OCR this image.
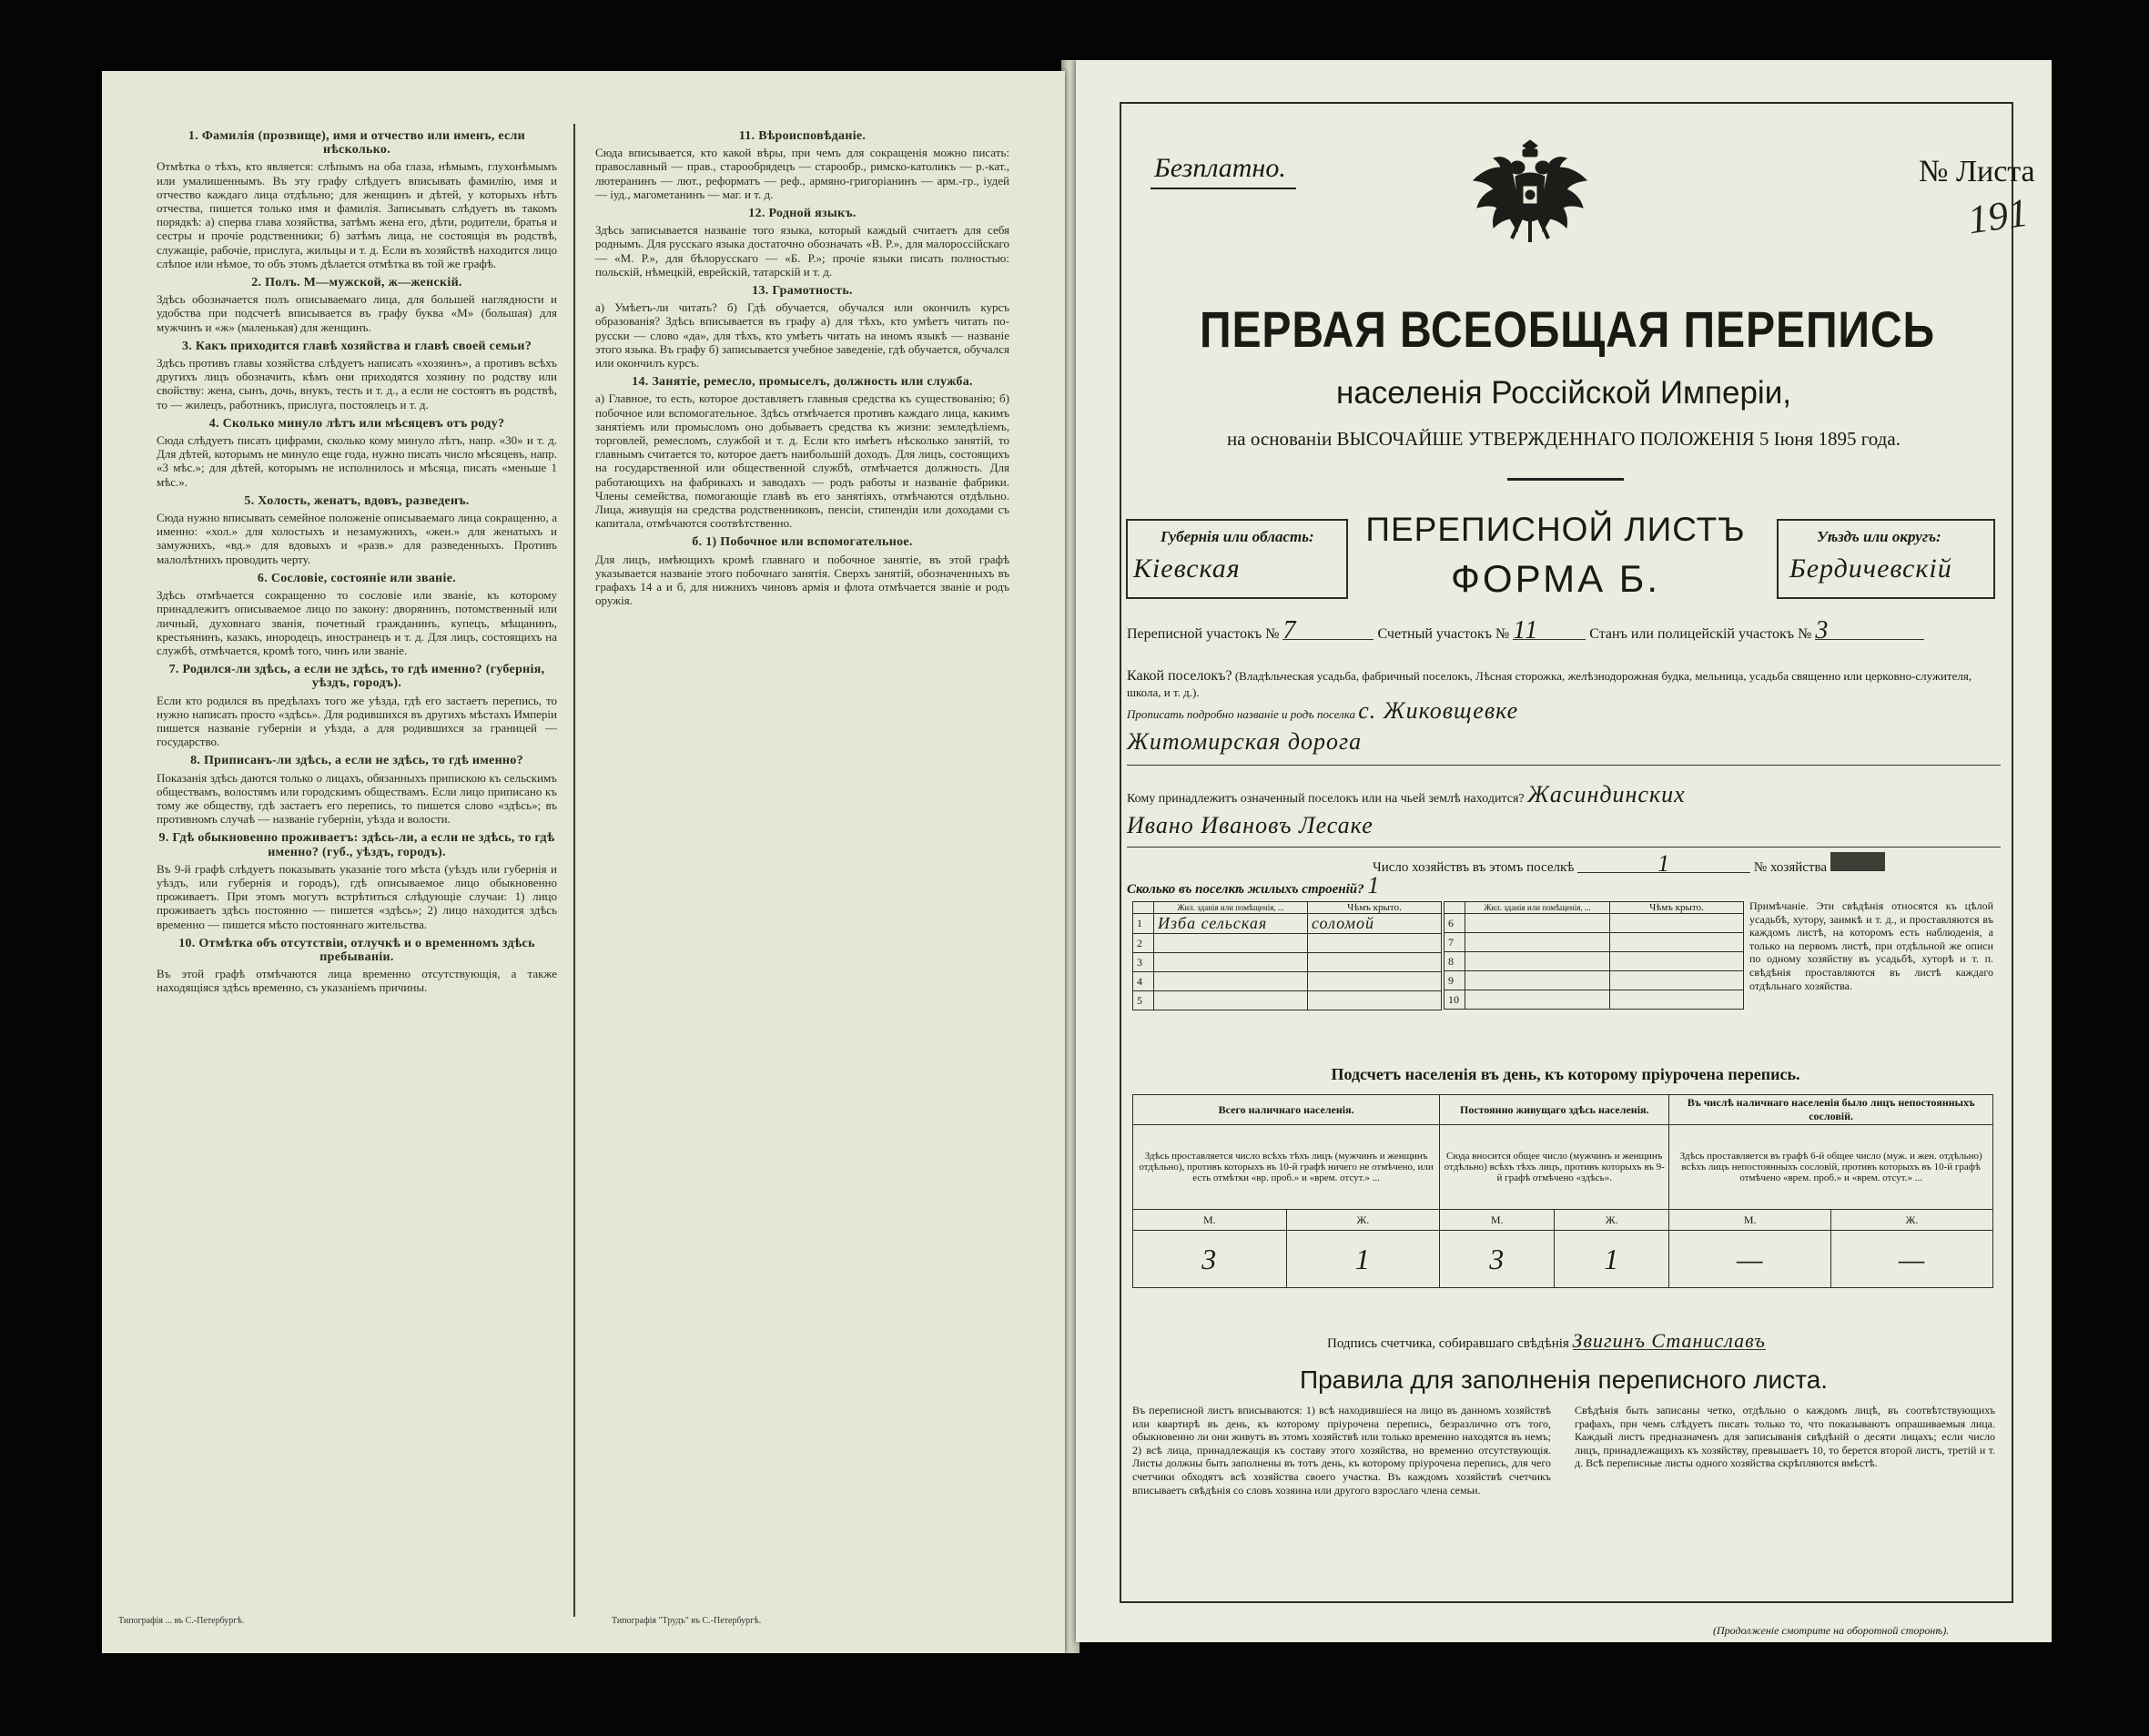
1. Фамилія (прозвище), имя и отчество или именъ, если нѣсколько.
Отмѣтка о тѣхъ, кто является: слѣпымъ на оба глаза, нѣмымъ, глухонѣмымъ или умалишеннымъ. Въ эту графу слѣдуетъ вписывать фамилію, имя и отчество каждаго лица отдѣльно; для женщинъ и дѣтей, у которыхъ нѣтъ отчества, пишется только имя и фамилія. Записывать слѣдуетъ въ такомъ порядкѣ: а) сперва глава хозяйства, затѣмъ жена его, дѣти, родители, братья и сестры и прочіе родственники; б) затѣмъ лица, не состоящія въ родствѣ, служащіе, рабочіе, прислуга, жильцы и т. д. Если въ хозяйствѣ находится лицо слѣпое или нѣмое, то объ этомъ дѣлается отмѣтка въ той же графѣ.
2. Полъ. М—мужской, ж—женскій.
Здѣсь обозначается полъ описываемаго лица, для большей наглядности и удобства при подсчетѣ вписывается въ графу буква «М» (большая) для мужчинъ и «ж» (маленькая) для женщинъ.
3. Какъ приходится главѣ хозяйства и главѣ своей семьи?
Здѣсь противъ главы хозяйства слѣдуетъ написать «хозяинъ», а противъ всѣхъ другихъ лицъ обозначить, кѣмъ они приходятся хозяину по родству или свойству: жена, сынъ, дочь, внукъ, тесть и т. д., а если не состоятъ въ родствѣ, то — жилецъ, работникъ, прислуга, постоялецъ и т. д.
4. Сколько минуло лѣтъ или мѣсяцевъ отъ роду?
Сюда слѣдуетъ писать цифрами, сколько кому минуло лѣтъ, напр. «30» и т. д. Для дѣтей, которымъ не минуло еще года, нужно писать число мѣсяцевъ, напр. «3 мѣс.»; для дѣтей, которымъ не исполнилось и мѣсяца, писать «меньше 1 мѣс.».
5. Холость, женатъ, вдовъ, разведенъ.
Сюда нужно вписывать семейное положеніе описываемаго лица сокращенно, а именно: «хол.» для холостыхъ и незамужнихъ, «жен.» для женатыхъ и замужнихъ, «вд.» для вдовыхъ и «разв.» для разведенныхъ. Противъ малолѣтнихъ проводить черту.
6. Сословіе, состояніе или званіе.
Здѣсь отмѣчается сокращенно то сословіе или званіе, къ которому принадлежитъ описываемое лицо по закону: дворянинъ, потомственный или личный, духовнаго званія, почетный гражданинъ, купецъ, мѣщанинъ, крестьянинъ, казакъ, инородецъ, иностранецъ и т. д. Для лицъ, состоящихъ на службѣ, отмѣчается, кромѣ того, чинъ или званіе.
7. Родился-ли здѣсь, а если не здѣсь, то гдѣ именно? (губернія, уѣздъ, городъ).
Если кто родился въ предѣлахъ того же уѣзда, гдѣ его застаетъ перепись, то нужно написать просто «здѣсь». Для родившихся въ другихъ мѣстахъ Имперіи пишется названіе губерніи и уѣзда, а для родившихся за границей — государство.
8. Приписанъ-ли здѣсь, а если не здѣсь, то гдѣ именно?
Показанія здѣсь даются только о лицахъ, обязанныхъ припискою къ сельскимъ обществамъ, волостямъ или городскимъ обществамъ. Если лицо приписано къ тому же обществу, гдѣ застаетъ его перепись, то пишется слово «здѣсь»; въ противномъ случаѣ — названіе губерніи, уѣзда и волости.
9. Гдѣ обыкновенно проживаетъ: здѣсь-ли, а если не здѣсь, то гдѣ именно? (губ., уѣздъ, городъ).
Въ 9-й графѣ слѣдуетъ показывать указаніе того мѣста (уѣздъ или губернія и уѣздъ, или губернія и городъ), гдѣ описываемое лицо обыкновенно проживаетъ. При этомъ могутъ встрѣтиться слѣдующіе случаи: 1) лицо проживаетъ здѣсь постоянно — пишется «здѣсь»; 2) лицо находится здѣсь временно — пишется мѣсто постояннаго жительства.
10. Отмѣтка объ отсутствіи, отлучкѣ и о временномъ здѣсь пребываніи.
Въ этой графѣ отмѣчаются лица временно отсутствующія, а также находящіяся здѣсь временно, съ указаніемъ причины.
11. Вѣроисповѣданіе.
Сюда вписывается, кто какой вѣры, при чемъ для сокращенія можно писать: православный — прав., старообрядецъ — старообр., римско-католикъ — р.-кат., лютеранинъ — лют., реформатъ — реф., армяно-григоріанинъ — арм.-гр., іудей — іуд., магометанинъ — маг. и т. д.
12. Родной языкъ.
Здѣсь записывается названіе того языка, который каждый считаетъ для себя роднымъ. Для русскаго языка достаточно обозначать «В. Р.», для малороссійскаго — «М. Р.», для бѣлорусскаго — «Б. Р.»; прочіе языки писать полностью: польскій, нѣмецкій, еврейскій, татарскій и т. д.
13. Грамотность.
а) Умѣетъ-ли читать? б) Гдѣ обучается, обучался или окончилъ курсъ образованія? Здѣсь вписывается въ графу а) для тѣхъ, кто умѣетъ читать по-русски — слово «да», для тѣхъ, кто умѣетъ читать на иномъ языкѣ — названіе этого языка. Въ графу б) записывается учебное заведеніе, гдѣ обучается, обучался или окончилъ курсъ.
14. Занятіе, ремесло, промыселъ, должность или служба.
а) Главное, то есть, которое доставляетъ главныя средства къ существованію; б) побочное или вспомогательное. Здѣсь отмѣчается противъ каждаго лица, какимъ занятіемъ или промысломъ оно добываетъ средства къ жизни: земледѣліемъ, торговлей, ремесломъ, службой и т. д. Если кто имѣетъ нѣсколько занятій, то главнымъ считается то, которое даетъ наибольшій доходъ. Для лицъ, состоящихъ на государственной или общественной службѣ, отмѣчается должность. Для работающихъ на фабрикахъ и заводахъ — родъ работы и названіе фабрики. Члены семейства, помогающіе главѣ въ его занятіяхъ, отмѣчаются отдѣльно. Лица, живущія на средства родственниковъ, пенсіи, стипендіи или доходами съ капитала, отмѣчаются соотвѣтственно.
б. 1) Побочное или вспомогательное.
Для лицъ, имѣющихъ кромѣ главнаго и побочное занятіе, въ этой графѣ указывается названіе этого побочнаго занятія. Сверхъ занятій, обозначенныхъ въ графахъ 14 а и б, для нижнихъ чиновъ армія и флота отмѣчается званіе и родъ оружія.
Типографія ... въ С.-Петербургѣ.	Типографія "Трудъ" въ С.-Петербургѣ.
Безплатно.	№ Листа
191
ПЕРВАЯ ВСЕОБЩАЯ ПЕРЕПИСЬ
населенія Россійской Имперіи,
на основаніи ВЫСОЧАЙШЕ УТВЕРЖДЕННАГО ПОЛОЖЕНІЯ 5 Іюня 1895 года.
Губернія или область:
Кіевская
ПЕРЕПИСНОЙ ЛИСТЪ
ФОРМА Б.
Уѣздъ или округъ:
Бердичевскій
Переписной участокъ № 7	Счетный участокъ № 11	Станъ или полицейскій участокъ № 3
Какой поселокъ? (Владѣльческая усадьба, фабричный поселокъ, Лѣсная сторожка, желѣзнодорожная будка, мельница, усадьба священно или церковно-служителя, школа, и т. д.).
Прописать подробно названіе и родъ поселка с. Жиковщевке
Житомирская дорога
Кому принадлежитъ означенный поселокъ или на чьей землѣ находится? Жасиндинских
Ивано Ивановъ Лесаке
Число хозяйствъ въ этомъ поселкѣ	1	№ хозяйства
Сколько въ поселкѣ жилыхъ строеній? 1
	Жил. зданія или помѣщенія, ...	Чѣмъ крыто.
1	Изба сельская	соломой
2		
3		
4		
5		
	Жил. зданія или помѣщенія, ...	Чѣмъ крыто.
6		
7		
8		
9		
10		
Примѣчаніе. Эти свѣдѣнія относятся къ цѣлой усадьбѣ, хутору, заимкѣ и т. д., и проставляются въ каждомъ листѣ, на которомъ есть наблюденія, а только на первомъ листѣ, при отдѣльной же описи по одному хозяйству въ усадьбѣ, хуторѣ и т. п. свѣдѣнія проставляются въ листѣ каждаго отдѣльнаго хозяйства.
Подсчетъ населенія въ день, къ которому пріурочена перепись.
Всего наличнаго населенія.		Постоянно живущаго здѣсь населенія.		Въ числѣ наличнаго населенія было лицъ непостоянныхъ сословій.	
Здѣсь проставляется число всѣхъ тѣхъ лицъ (мужчинъ и женщинъ отдѣльно), противъ которыхъ въ 10-й графѣ ничего не отмѣчено, или есть отмѣтки «вр. проб.» и «врем. отсут.» ...		Сюда вносится общее число (мужчинъ и женщинъ отдѣльно) всѣхъ тѣхъ лицъ, противъ которыхъ въ 9-й графѣ отмѣчено «здѣсь».		Здѣсь проставляется въ графѣ 6-й общее число (муж. и жен. отдѣльно) всѣхъ лицъ непостоянныхъ сословій, противъ которыхъ въ 10-й графѣ отмѣчено «врем. проб.» и «врем. отсут.» ...	
М.	Ж.	М.	Ж.	М.	Ж.
3	1	3	1	—	—
Подпись счетчика, собиравшаго свѣдѣнія Звигинъ Станиславъ
Правила для заполненія переписного листа.
Въ переписной листъ вписываются: 1) всѣ находившіеся на лицо въ данномъ хозяйствѣ или квартирѣ въ день, къ которому пріурочена перепись, безразлично отъ того, обыкновенно ли они живутъ въ этомъ хозяйствѣ или только временно находятся въ немъ; 2) всѣ лица, принадлежащія къ составу этого хозяйства, но временно отсутствующія. Листы должны быть заполнены въ тотъ день, къ которому пріурочена перепись, для чего счетчики обходятъ всѣ хозяйства своего участка. Въ каждомъ хозяйствѣ счетчикъ вписываетъ свѣдѣнія со словъ хозяина или другого взрослаго члена семьи.
Свѣдѣнія быть записаны четко, отдѣльно о каждомъ лицѣ, въ соотвѣтствующихъ графахъ, при чемъ слѣдуетъ писать только то, что показываютъ опрашиваемыя лица. Каждый листъ предназначенъ для записыванія свѣдѣній о десяти лицахъ; если число лицъ, принадлежащихъ къ хозяйству, превышаетъ 10, то берется второй листъ, третій и т. д. Всѣ переписные листы одного хозяйства скрѣпляются вмѣстѣ.
(Продолженіе смотрите на оборотной сторонѣ).
